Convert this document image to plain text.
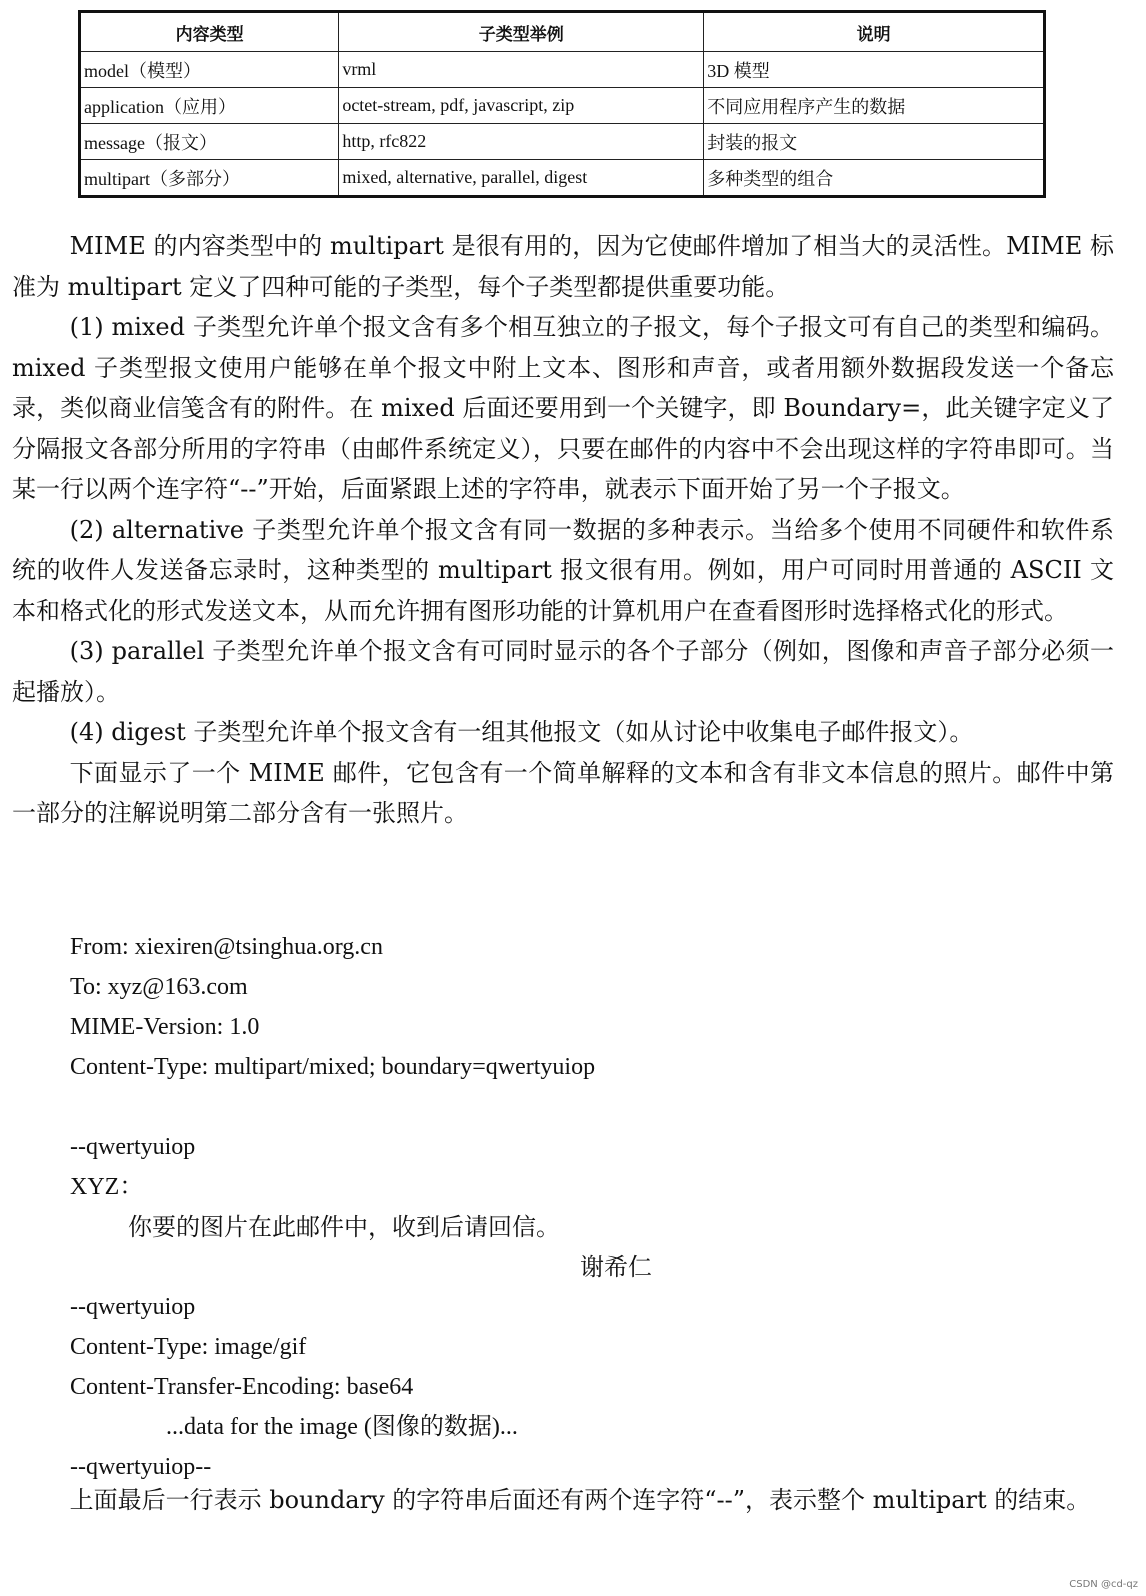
内容类型	子类型举例	说明
model（模型）	vrml	3D 模型
application（应用）	octet-stream, pdf, javascript, zip	不同应用程序产生的数据
message（报文）	http, rfc822	封装的报文
multipart（多部分）	mixed, alternative, parallel, digest	多种类型的组合

MIME 的内容类型中的 multipart 是很有用的，因为它使邮件增加了相当大的灵活性。MIME 标准为 multipart 定义了四种可能的子类型，每个子类型都提供重要功能。

(1) mixed 子类型允许单个报文含有多个相互独立的子报文，每个子报文可有自己的类型和编码。mixed 子类型报文使用户能够在单个报文中附上文本、图形和声音，或者用额外数据段发送一个备忘录，类似商业信笺含有的附件。在 mixed 后面还要用到一个关键字，即 Boundary=，此关键字定义了分隔报文各部分所用的字符串（由邮件系统定义），只要在邮件的内容中不会出现这样的字符串即可。当某一行以两个连字符“--”开始，后面紧跟上述的字符串，就表示下面开始了另一个子报文。

(2) alternative 子类型允许单个报文含有同一数据的多种表示。当给多个使用不同硬件和软件系统的收件人发送备忘录时，这种类型的 multipart 报文很有用。例如，用户可同时用普通的 ASCII 文本和格式化的形式发送文本，从而允许拥有图形功能的计算机用户在查看图形时选择格式化的形式。

(3) parallel 子类型允许单个报文含有可同时显示的各个子部分（例如，图像和声音子部分必须一起播放）。

(4) digest 子类型允许单个报文含有一组其他报文（如从讨论中收集电子邮件报文）。

下面显示了一个 MIME 邮件，它包含有一个简单解释的文本和含有非文本信息的照片。邮件中第一部分的注解说明第二部分含有一张照片。

From: xiexiren@tsinghua.org.cn
To: xyz@163.com
MIME-Version: 1.0
Content-Type: multipart/mixed; boundary=qwertyuiop
--qwertyuiop
XYZ：
你要的图片在此邮件中，收到后请回信。
谢希仁
--qwertyuiop
Content-Type: image/gif
Content-Transfer-Encoding: base64
...data for the image (图像的数据)...
--qwertyuiop--

上面最后一行表示 boundary 的字符串后面还有两个连字符“--”，表示整个 multipart 的结束。

CSDN @cd-qz
